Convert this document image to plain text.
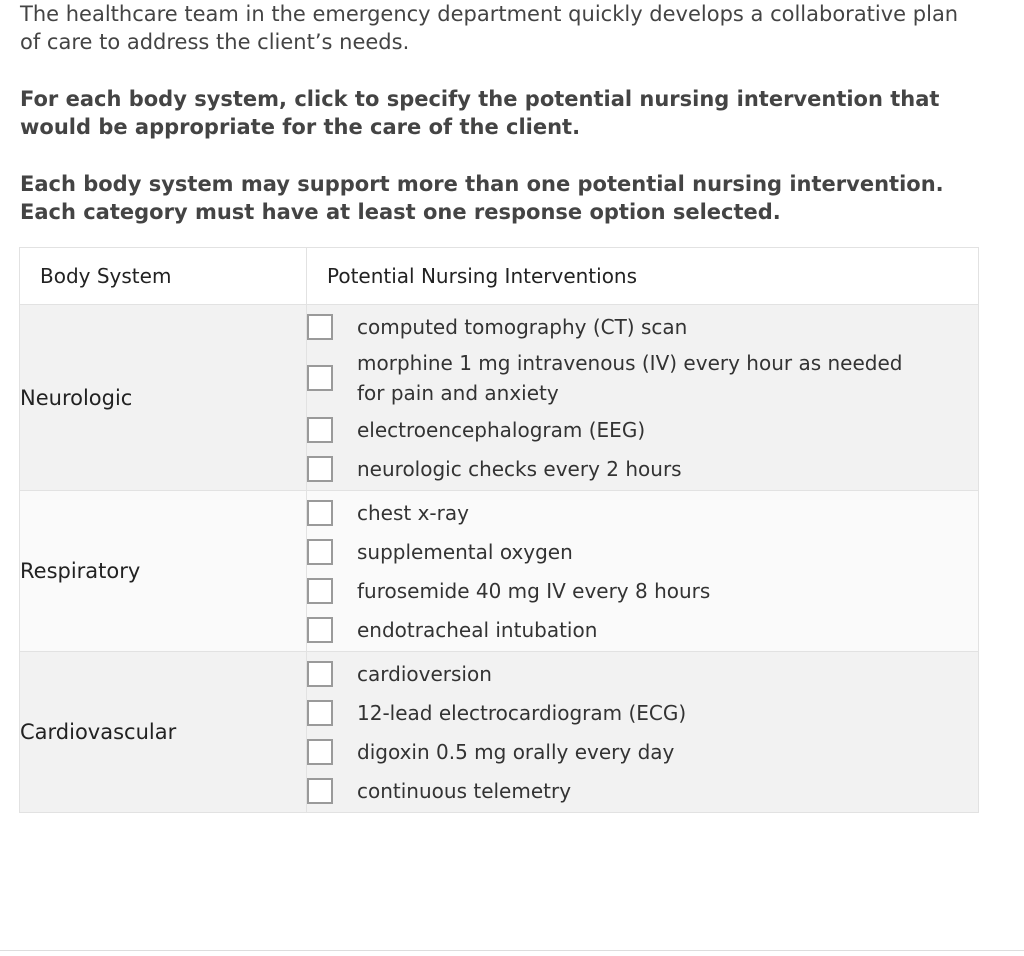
The healthcare team in the emergency department quickly develops a collaborative plan of care to address the client’s needs.

For each body system, click to specify the potential nursing intervention that would be appropriate for the care of the client.

Each body system may support more than one potential nursing intervention. Each category must have at least one response option selected.

Body System	Potential Nursing Interventions
Neurologic	computed tomography (CT) scan
morphine 1 mg intravenous (IV) every hour as needed for pain and anxiety
electroencephalogram (EEG)
neurologic checks every 2 hours

Respiratory	chest x-ray
supplemental oxygen
furosemide 40 mg IV every 8 hours
endotracheal intubation

Cardiovascular	cardioversion
12-lead electrocardiogram (ECG)
digoxin 0.5 mg orally every day
continuous telemetry
